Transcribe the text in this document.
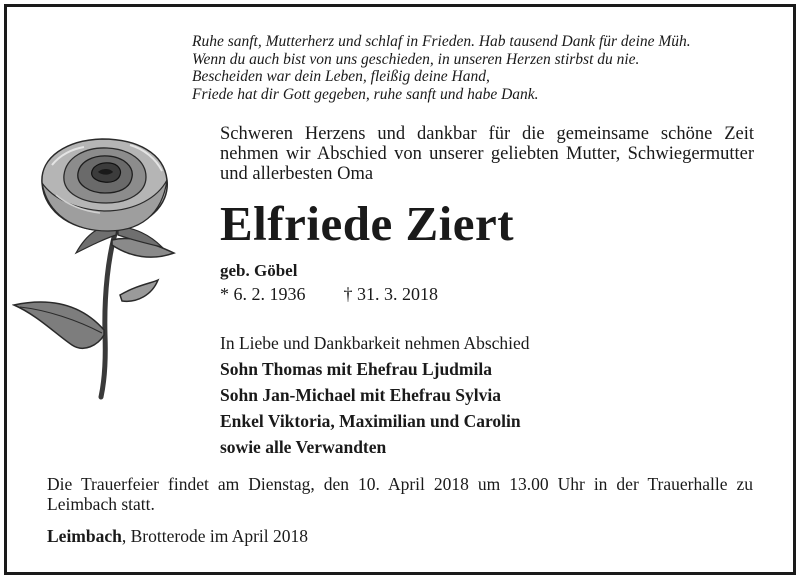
Ruhe sanft, Mutterherz und schlaf in Frieden. Hab tausend Dank für deine Müh.
Wenn du auch bist von uns geschieden, in unseren Herzen stirbst du nie.
Bescheiden war dein Leben, fleißig deine Hand,
Friede hat dir Gott gegeben, ruhe sanft und habe Dank.
Schweren Herzens und dankbar für die gemeinsame schöne Zeit nehmen wir Abschied von unserer geliebten Mutter, Schwiegermutter und allerbesten Oma
Elfriede Ziert
geb. Göbel
* 6. 2. 1936 † 31. 3. 2018
In Liebe und Dankbarkeit nehmen Abschied
Sohn Thomas mit Ehefrau Ljudmila
Sohn Jan-Michael mit Ehefrau Sylvia
Enkel Viktoria, Maximilian und Carolin
sowie alle Verwandten
Die Trauerfeier findet am Dienstag, den 10. April 2018 um 13.00 Uhr in der Trauerhalle zu Leimbach statt.
Leimbach, Brotterode im April 2018
